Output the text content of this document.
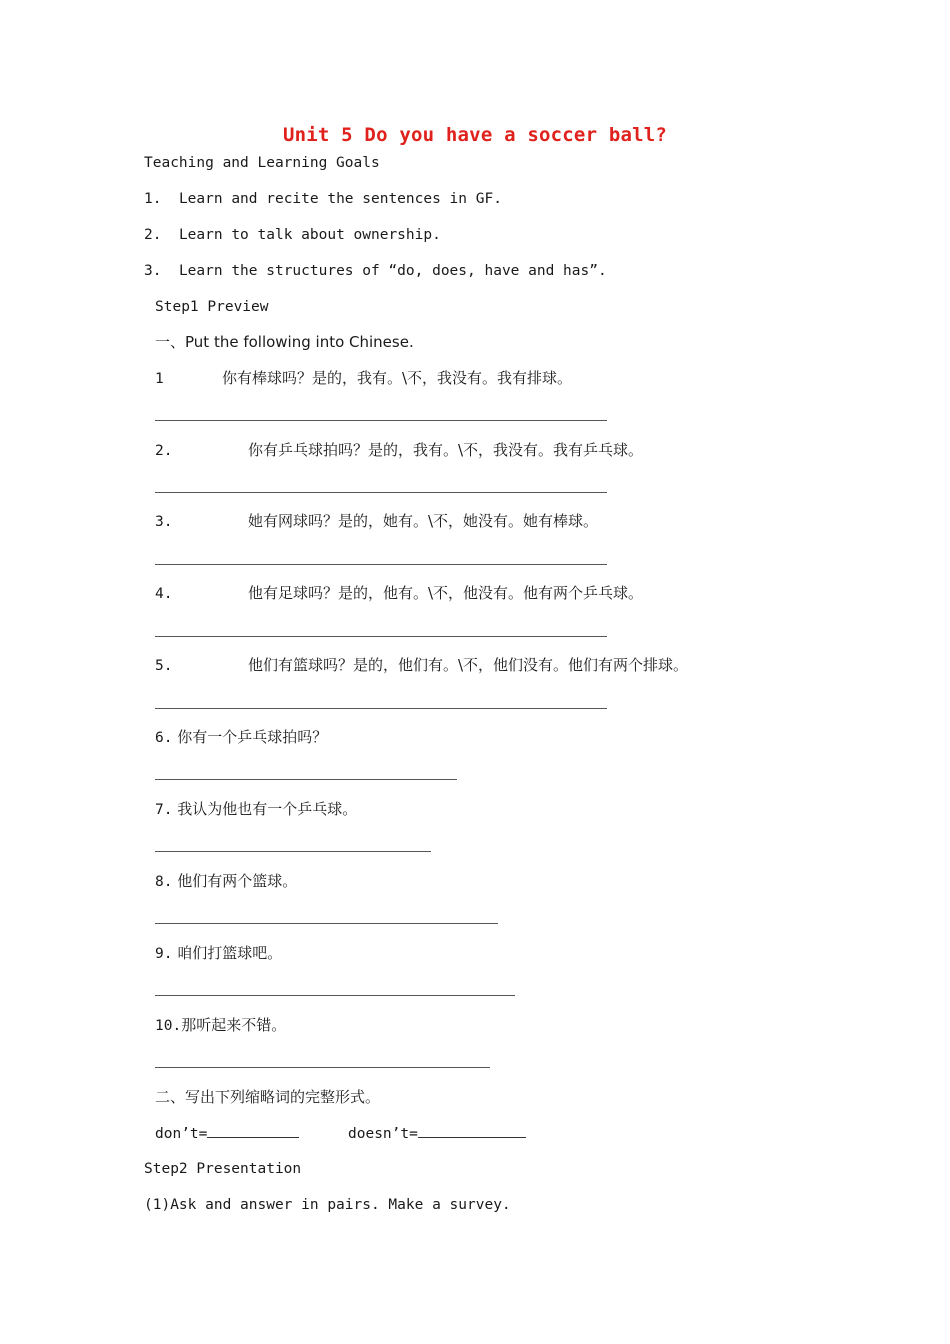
Unit 5 Do you have a soccer ball?
Teaching and Learning Goals
1. Learn and recite the sentences in GF.
2. Learn to talk about ownership.
3. Learn the structures of “do, does, have and has”.
Step1 Preview
一、Put the following into Chinese.
1	你有棒球吗？是的，我有。\不，我没有。我有排球。
2.	你有乒乓球拍吗？是的，我有。\不，我没有。我有乒乓球。
3.	她有网球吗？是的，她有。\不，她没有。她有棒球。
4.	他有足球吗？是的，他有。\不，他没有。他有两个乒乓球。
5.	他们有篮球吗？是的，他们有。\不，他们没有。他们有两个排球。
6. 你有一个乒乓球拍吗？
7. 我认为他也有一个乒乓球。
8. 他们有两个篮球。
9. 咱们打篮球吧。
10.那听起来不错。
二、写出下列缩略词的完整形式。
don’t=	doesn’t=
Step2 Presentation
(1)Ask and answer in pairs. Make a survey.
